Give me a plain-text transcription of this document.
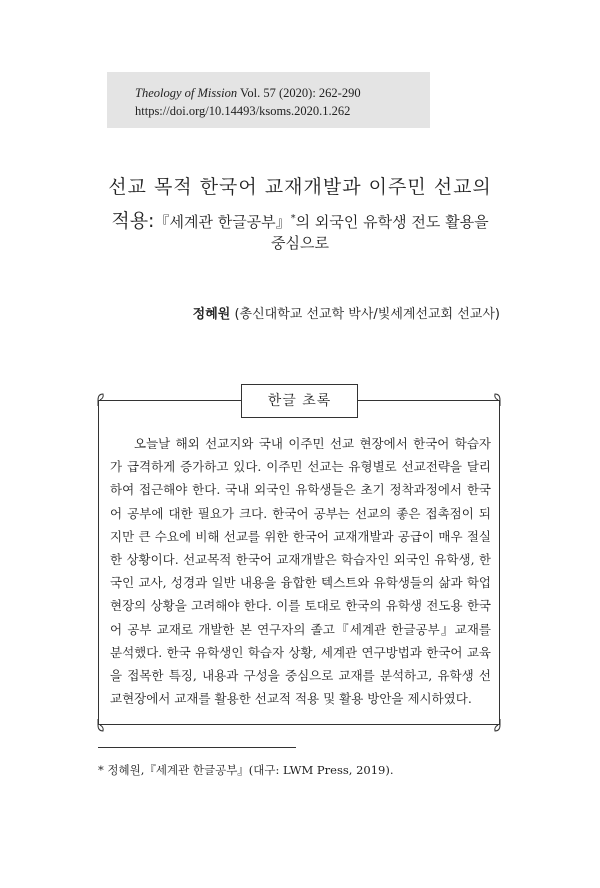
Theology of Mission Vol. 57 (2020): 262-290
https://doi.org/10.14493/ksoms.2020.1.262
선교 목적 한국어 교재개발과 이주민 선교의
적용:『세계관 한글공부』*의 외국인 유학생 전도 활용을
중심으로
정혜원 (총신대학교 선교학 박사/빛세계선교회 선교사)
한글 초록
오늘날 해외 선교지와 국내 이주민 선교 현장에서 한국어 학습자가 급격하게 증가하고 있다. 이주민 선교는 유형별로 선교전략을 달리하여 접근해야 한다. 국내 외국인 유학생들은 초기 정착과정에서 한국어 공부에 대한 필요가 크다. 한국어 공부는 선교의 좋은 접촉점이 되지만 큰 수요에 비해 선교를 위한 한국어 교재개발과 공급이 매우 절실한 상황이다. 선교목적 한국어 교재개발은 학습자인 외국인 유학생, 한국인 교사, 성경과 일반 내용을 융합한 텍스트와 유학생들의 삶과 학업 현장의 상황을 고려해야 한다. 이를 토대로 한국의 유학생 전도용 한국어 공부 교재로 개발한 본 연구자의 졸고『세계관 한글공부』교재를 분석했다. 한국 유학생인 학습자 상황, 세계관 연구방법과 한국어 교육을 접목한 특징, 내용과 구성을 중심으로 교재를 분석하고, 유학생 선교현장에서 교재를 활용한 선교적 적용 및 활용 방안을 제시하였다.
* 정혜원,『세계관 한글공부』(대구: LWM Press, 2019).
